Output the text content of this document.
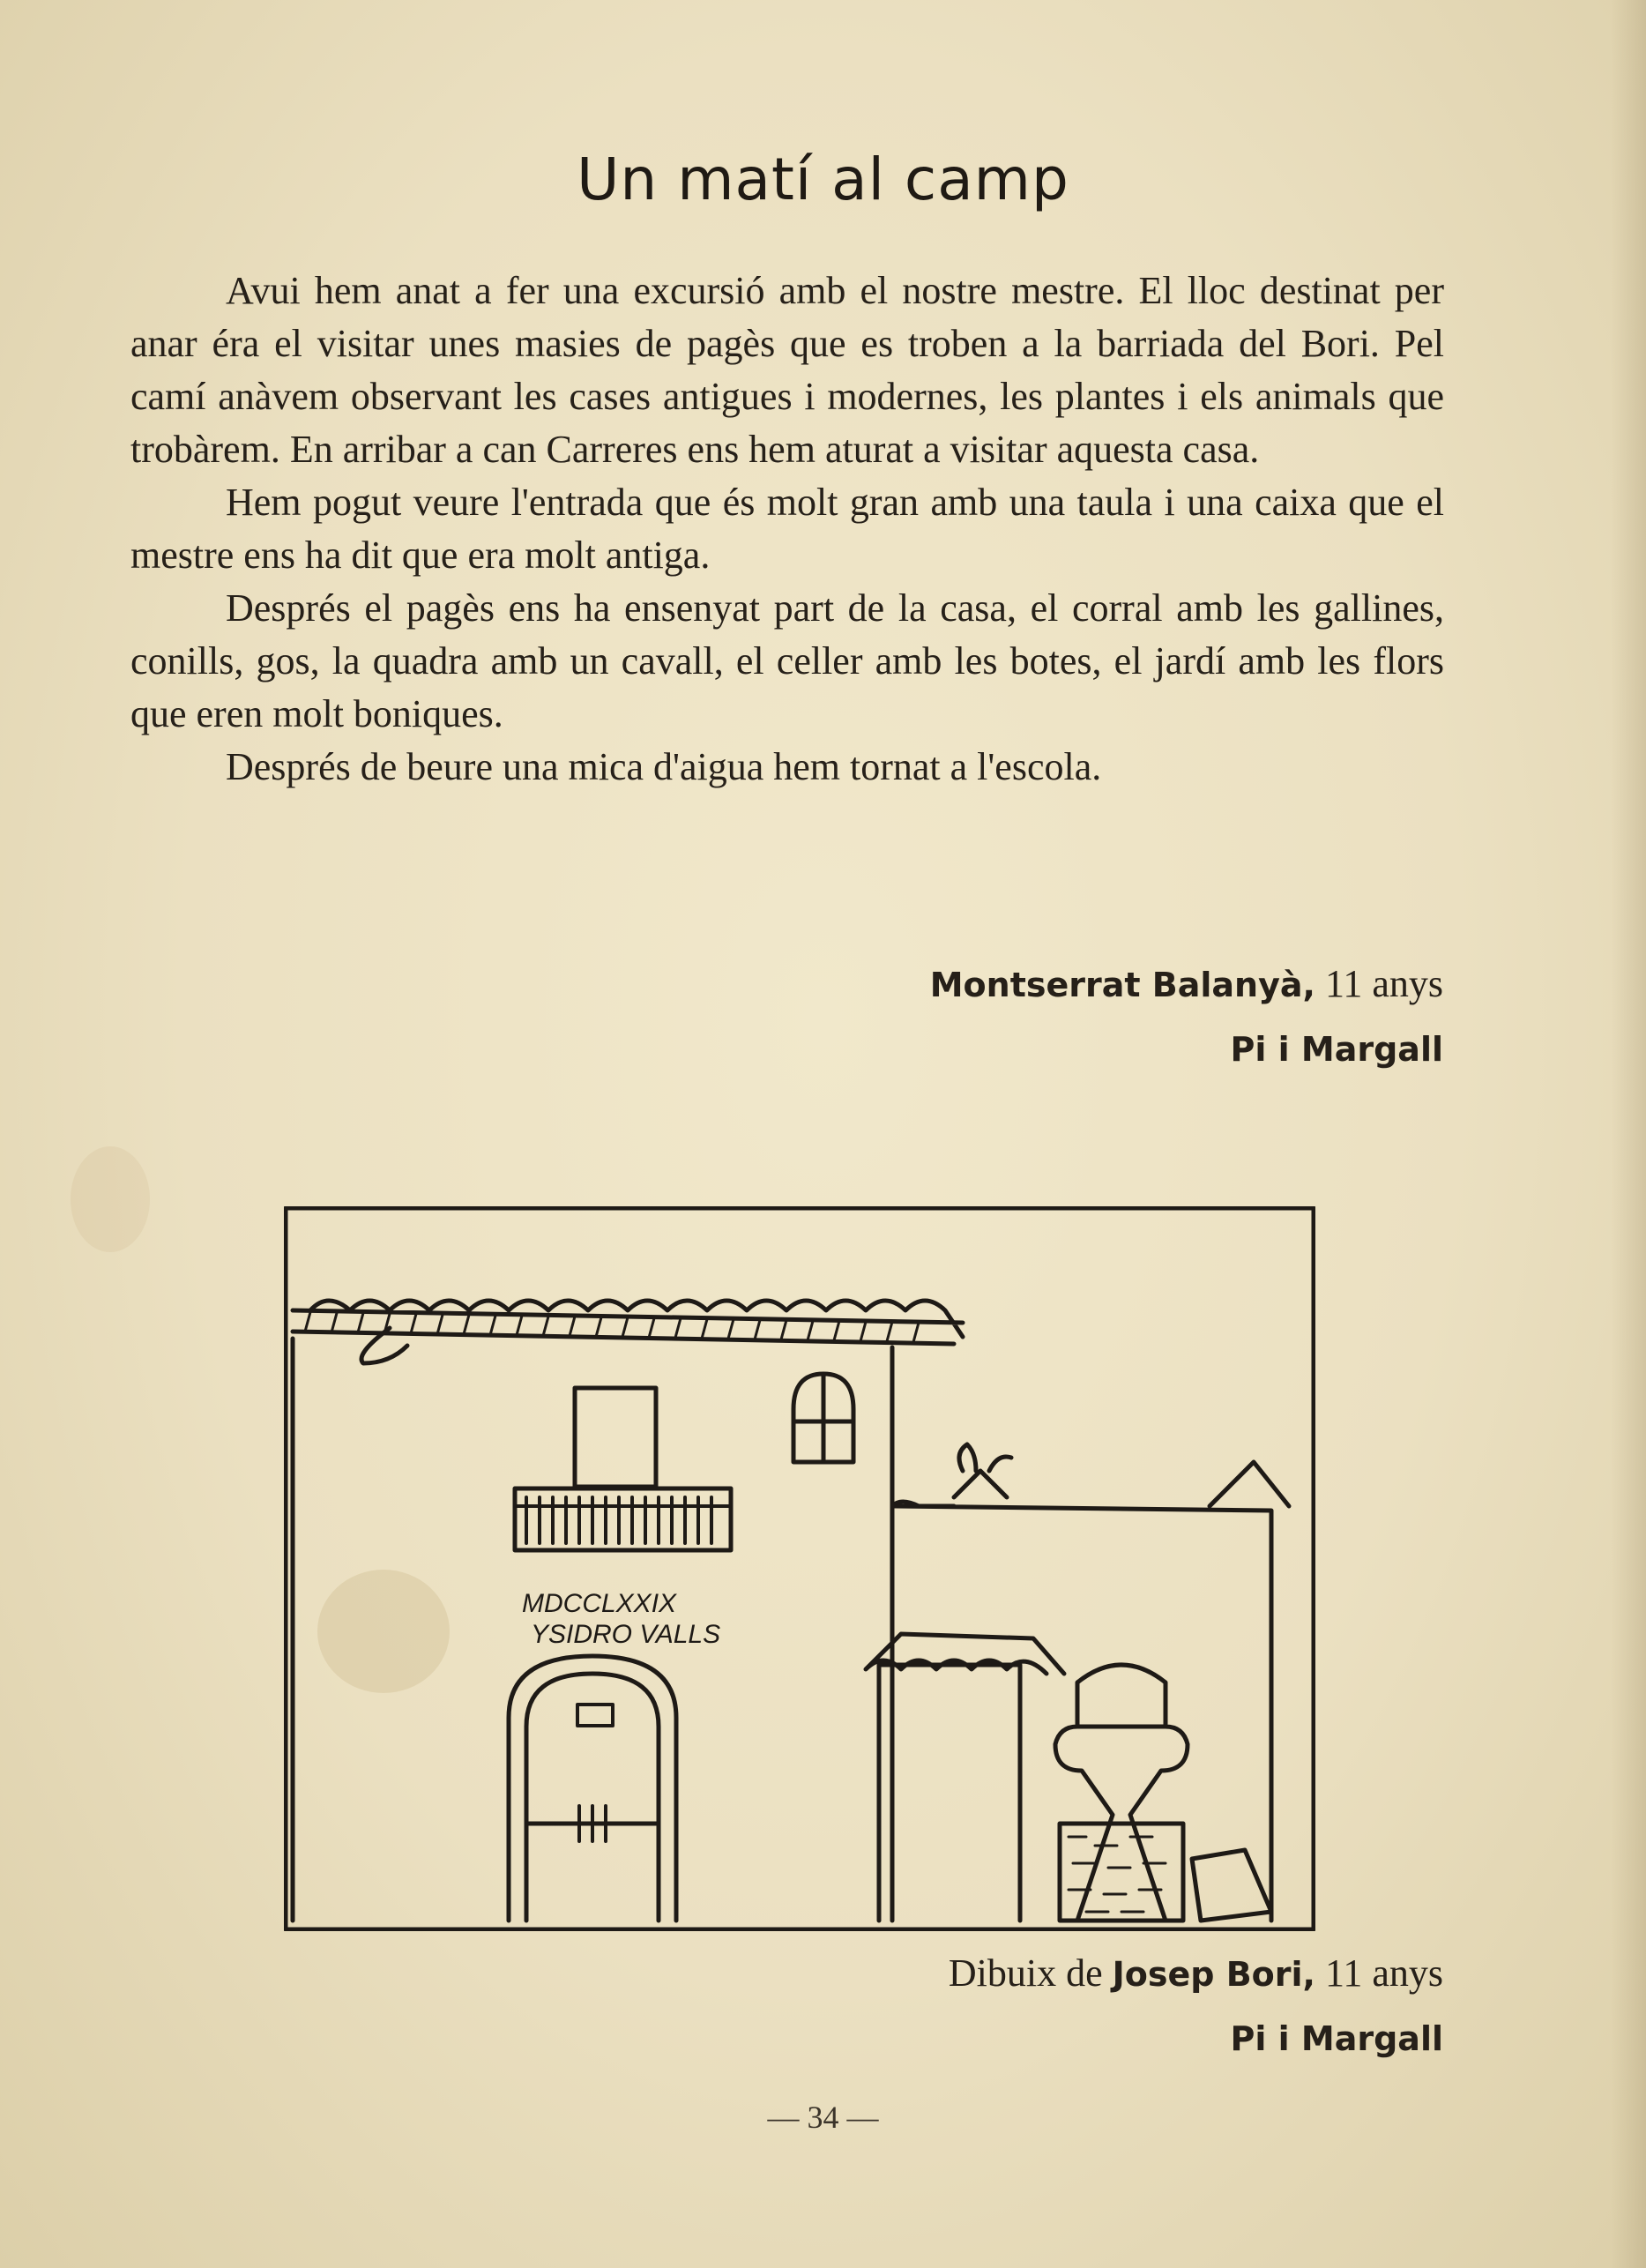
Un matí al camp

Avui hem anat a fer una excursió amb el nostre mestre. El lloc destinat per anar éra el visitar unes masies de pagès que es troben a la barriada del Bori. Pel camí anàvem observant les cases antigues i modernes, les plantes i els animals que trobàrem. En arribar a can Carreres ens hem aturat a visitar aquesta casa.

Hem pogut veure l'entrada que és molt gran amb una taula i una caixa que el mestre ens ha dit que era molt antiga.

Després el pagès ens ha ensenyat part de la casa, el corral amb les gallines, conills, gos, la quadra amb un cavall, el celler amb les botes, el jardí amb les flors que eren molt boniques.

Després de beure una mica d'aigua hem tornat a l'escola.

Montserrat Balanyà, 11 anys
Pi i Margall
MDCCLXXIX
YSIDRO VALLS
Dibuix de Josep Bori, 11 anys
Pi i Margall
— 34 —
